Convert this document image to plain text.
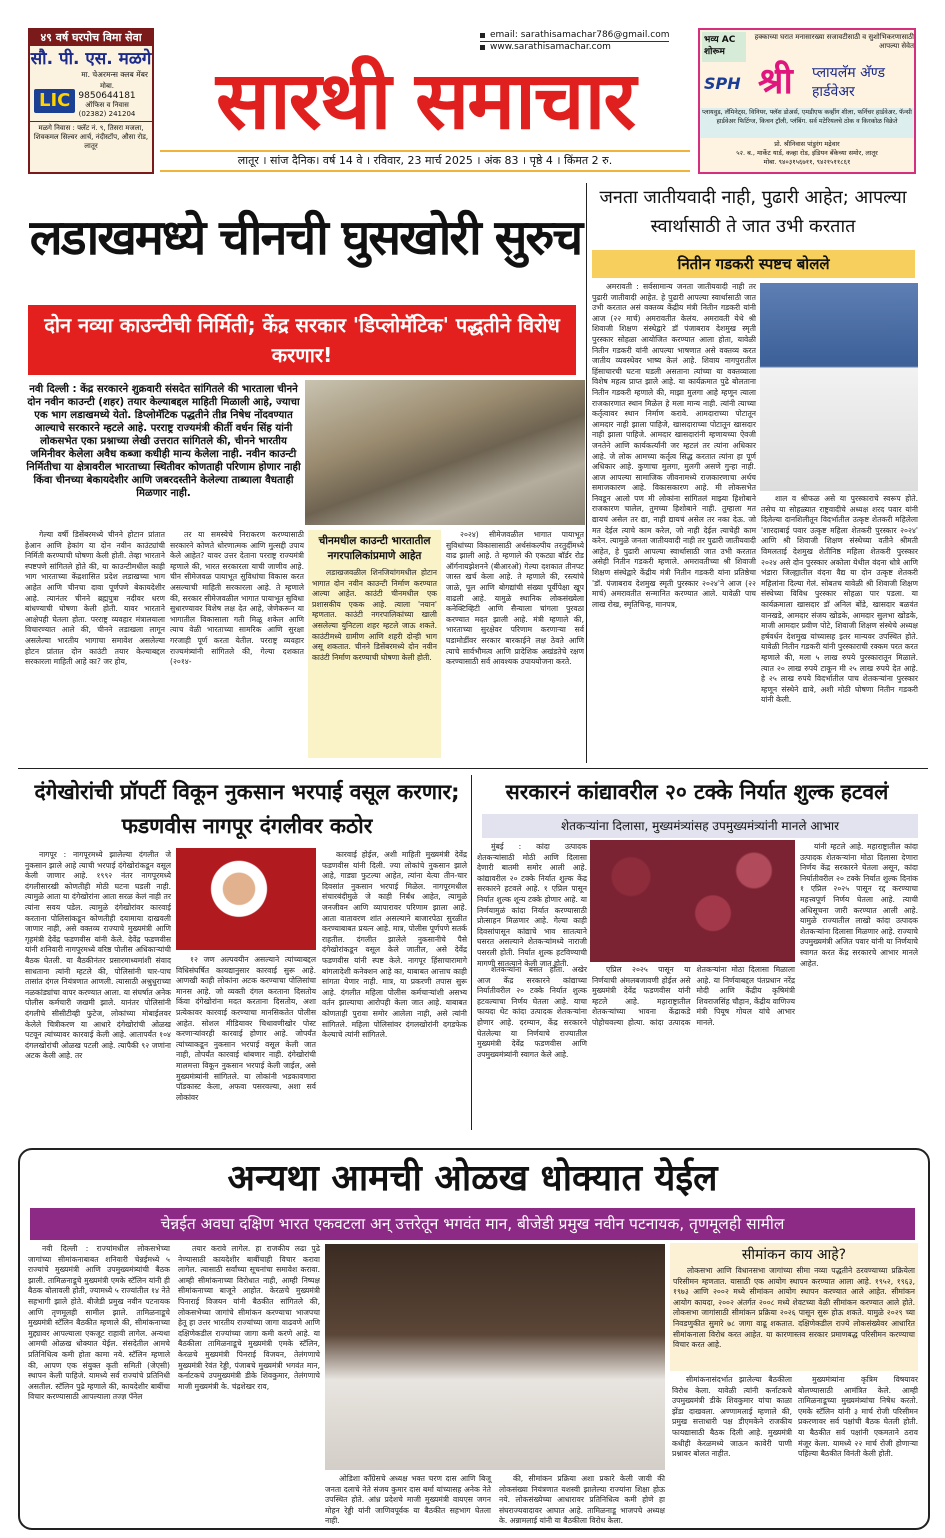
४९ वर्ष घरपोच विमा सेवा
सौ. पी. एस. मळगे
मा. चेअरमन्स क्लब मेंबर
LIC
मोबा.
9850644181
ऑफिस व निवास
(02382) 241204
मळगे निवास : फ्लॅट नं. ९, तिसरा मजला, शिवकमल सिल्वर आर्च, नंदीस्टॉप, औसा रोड, लातूर
email: sarathisamachar786@gmail.com
www.sarathisamachar.com
सारथी समाचार
लातूर । सांज दैनिक। वर्ष 14 वे । रविवार, 23 मार्च 2025 । अंक 83 । पृष्ठे 4 । किंमत 2 रु.
भव्य AC शोरूम
हक्काच्या घरात मनासारख्या सजावटीसाठी व सुशोभिकरणासाठी आपल्या सेवेत
SPH श्री प्लायलॅम अ‍ॅण्ड हार्डवेअर
प्लायवुड, लॅमिनेट्स, विनियर, फ्लॅश डोअर्स, एमडीएफ कव्हींग शीला, फर्निचर हार्डवेअर, फॅन्सी हार्डवेअर फिटिंग्ज, किचन ट्रॉली, प्लंबिंग. सर्व मटेरियलचे ठोक व किरकोळ विक्रेते
प्रो. श्रीनिवास पांडुरंग मद्रेवार
५२. ब., मार्केट यार्ड, कव्हा रोड, इंडियन बँकेच्या समोर, लातूर
मोबा. ९४०३१५६७११, ९४२१५११८६१
लडाखमध्ये चीनची घुसखोरी सुरुच
दोन नव्या काउन्टीची निर्मिती; केंद्र सरकार 'डिप्लोमॅटिक' पद्धतीने विरोध करणार!
नवी दिल्ली : केंद्र सरकारने शुक्रवारी संसदेत सांगितले की भारताला चीनने दोन नवीन काउन्टी (शहर) तयार केल्याबद्दल माहिती मिळाली आहे, ज्याचा एक भाग लडाखमध्ये येतो. डिप्लोमॅटिक पद्धतीने तीव्र निषेध नोंदवण्यात आल्याचे सरकारने म्हटले आहे. परराष्ट्र राज्यमंत्री कीर्ती वर्धन सिंह यांनी लोकसभेत एका प्रश्नाच्या लेखी उत्तरात सांगितले की, चीनने भारतीय जमिनीवर केलेला अवैध कब्जा कधीही मान्य केलेला नाही. नवीन काउन्टी निर्मितीचा या क्षेत्रावरील भारताच्या स्थितीवर कोणताही परिणाम होणार नाही किंवा चीनच्या बेकायदेशीर आणि जबरदस्तीने केलेल्या ताब्याला वैधताही मिळणार नाही.

गेल्या वर्षी डिसेंबरमध्ये चीनने होटान प्रांतात हेआन आणि हेकांग या दोन नवीन काउंट्यांची निर्मिती करण्याची घोषणा केली होती. तेव्हा भारताने स्पष्टपणे सांगितले होते की, या काउन्टीमधील काही भाग भारताच्या केंद्रशासित प्रदेश लडाखच्या भाग आहेत आणि चीनचा दावा पूर्णपणे बेकायदेशीर आहे. त्यानंतर चीनने ब्रह्मपुत्रा नदीवर धरण बांधण्याची घोषणा केली होती. यावर भारताने आक्षेपही घेतला होता. परराष्ट्र व्यवहार मंत्रालयाला विचारण्यात आले की, चीनने लडाखला लागून असलेल्या भारतीय भागाचा समावेश असलेल्या होटन प्रांतात दोन काउंटी तयार केल्याबद्दल सरकारला माहिती आहे का? जर होय,

तर या समस्येचे निराकरण करण्यासाठी सरकारने कोणते धोरणात्मक आणि मुत्सद्दी उपाय केले आहेत? यावर उत्तर देताना परराष्ट्र राज्यमंत्री म्हणाले की, भारत सरकारला याची जाणीव आहे. चीन सीमेजवळ पायाभूत सुविधांचा विकास करत असल्याची माहिती सरकारला आहे. ते म्हणाले की, सरकार सीमेजवळील भागात पायाभूत सुविधा सुधारण्यावर विशेष लक्ष देत आहे, जेणेकरून या भागातील विकासाला गती मिळू शकेल आणि त्याच वेळी भारताच्या सामरिक आणि सुरक्षा गरजाही पूर्ण करता येतील. परराष्ट्र व्यवहार राज्यमंत्र्यांनी सांगितले की, गेल्या दशकात (२०१४-

चीनमधील काउन्टी भारतातील नगरपालिकांप्रमाणे आहेत

लडाखजवळील शिनजियांगमधील होटान भागात दोन नवीन काउन्टी निर्माण करण्यात आल्या आहेत. काउंटी चीनमधील एक प्रशासकीय एकक आहे. त्याला 'नयान' म्हणतात. काउंटी नगरपालिकांच्या खाली असलेल्या युनिटला शहर म्हटले जाऊ शकते. काउंटीमध्ये ग्रामीण आणि शहरी दोन्ही भाग असू शकतात. चीनने डिसेंबरमध्ये दोन नवीन काउंटी निर्माण करण्याची घोषणा केली होती.

२०२४) सीमेजवळील भागात पायाभूत सुविधांच्या विकासासाठी अर्थसंकल्पीय तरतुदींमध्ये वाढ झाली आहे. ते म्हणाले की एकट्या बॉर्डर रोड ऑर्गनायझेशनने (बीआरओ) गेल्या दशकात तीनपट जास्त खर्च केला आहे. ते म्हणाले की, रस्त्यांचे जाळे, पूल आणि बोगद्यांची संख्या पूर्वीपेक्षा खूप वाढली आहे. यामुळे स्थानिक लोकसंख्येला कनेक्टिव्हिटी आणि सैन्याला चांगला पुरवठा करण्यात मदत झाली आहे. मंत्री म्हणाले की, भारताच्या सुरक्षेवर परिणाम करणाऱ्या सर्व घडामोडींवर सरकार बारकाईने लक्ष ठेवते आणि त्याचे सार्वभौमत्व आणि प्रादेशिक अखंडतेचे रक्षण करण्यासाठी सर्व आवश्यक उपाययोजना करते.

जनता जातीयवादी नाही, पुढारी आहेत; आपल्या स्वार्थासाठी ते जात उभी करतात
नितीन गडकरी स्पष्टच बोलले

अमरावती : सर्वसामान्य जनता जातीयवादी नाही तर पुढारी जातीवादी आहेत. हे पुढारी आपल्या स्वार्थासाठी जात उभी करतात असं वक्तव्य केंद्रीय मंत्री नितीन गडकरी यांनी आज (२२ मार्च) अमरावतीत केलंय. अमरावती येथे श्री शिवाजी शिक्षण संस्थेद्वारे डॉ पंजाबराव देशमुख स्मृती पुरस्कार सोहळा आयोजित करण्यात आला होता, यावेळी नितीन गडकरी यांनी आपल्या भाषणात असे वक्तव्य करत जातीय व्यवस्थेवर भाष्य केलं आहे. शिवाय नागपुरातील हिंसाचारची घटना घडली असताना त्यांच्या या वक्तव्याला विशेष महत्व प्राप्त झाले आहे. या कार्यक्रमात पुढे बोलताना नितीन गडकरी म्हणाले की, माझा मुलगा आहे म्हणून त्याला राजकारणात स्थान मिळेल हे मला मान्य नाही. त्यांनी त्याच्या कर्तृत्वावर स्थान निर्माण करावे. आमदाराच्या पोटातून आमदार नाही झाला पाहिजे, खासदाराच्या पोटातून खासदार नाही झाला पाहिजे. आमदार खासदारांनी म्हणायच्या ऐवजी जनतेने आणि कार्यकर्त्यांनी जर म्हटलं तर त्यांना अधिकार आहे. जे लोक आमच्या कर्तृत्व सिद्ध करतात त्यांना हा पूर्ण अधिकार आहे. कुणाचा मुलगा, मुलगी असणे गुन्हा नाही. आज आपल्या सामाजिक जीवनामध्ये राजकारणाचा अर्थच समाजकारण आहे. विकासकारण आहे. मी लोकसभेत निवडून आलो पण मी लोकांना सांगितलं माझ्या हिशोबाने राजकारण चालेल, तुमच्या हिशोबाने नाही. तुम्हाला मत द्यायचं असेल तर द्या, नाही द्यायचं असेल तर नका देऊ. जो मत देईल त्याचे काम करेल, जो नाही देईल त्याचेही काम करेन. त्यामुळे जनता जातीयवादी नाही तर पुढारी जातीयवादी आहेत, हे पुढारी आपल्या स्वार्थासाठी जात उभी करतात असेही नितीन गडकरी म्हणाले. अमरावतीच्या श्री शिवाजी शिक्षण संस्थेद्वारे केंद्रीय मंत्री नितीन गडकरी यांना प्रतिष्ठेचा 'डॉ. पंजाबराव देशमुख स्मृती पुरस्कार २०२४'ने आज (२२ मार्च) अमरावतीत सन्मानित करण्यात आले. यावेळी पाच लाख रोख, स्मृतिचिन्ह, मानपत्र,

शाल व श्रीफळ असे या पुरस्काराचे स्वरूप होते. तसेच या सोहळ्यात राष्ट्रवादीचे अध्यक्ष शरद पवार यांनी दिलेल्या दानशिलीतून विदर्भातील उत्कृष्ट शेतकरी महिलेला 'शारदाबाई पवार उत्कृष्ट महिला शेतकरी पुरस्कार २०२४' आणि श्री शिवाजी शिक्षण संस्थेच्या वतीने श्रीमती विमलताई देशमुख शेतीनिष्ठ महिला शेतकरी पुरस्कार २०२४ असे दोन पुरस्कार अकोला येथील वंदना धोत्रे आणि भंडारा जिल्ह्यातील वंदना वैद्य या दोन उत्कृष्ट शेतकरी महिलांना दिल्या गेलं. सोबतच यावेळी श्री शिवाजी शिक्षण संस्थेच्या विविध पुरस्कार सोहळा पार पडला. या कार्यक्रमाला खासदार डॉ अनिल बोंडे, खासदार बळवंत वानखडे, आमदार संजय खोडके, आमदार सुलभा खोडके, माजी आमदार प्रवीण पोटे, शिवाजी शिक्षण संस्थेचे अध्यक्ष हर्षवर्धन देशमुख यांच्यासह इतर मान्यवर उपस्थित होते. यावेळी नितीन गडकरी यांनी पुरस्काराची रक्कम परत करत म्हणाले की, मला ५ लाख रुपये पुरस्कारातून मिळाले. त्यात २० लाख रुपये टाकून मी २५ लाख रुपये देत आहे. हे २५ लाख रुपये विदर्भातील पाच शेतकऱ्यांना पुरस्कार म्हणून संस्थेने द्यावे, अशी मोठी घोषणा नितीन गडकरी यांनी केली.

दंगेखोरांची प्रॉपर्टी विकून नुकसान भरपाई वसूल करणार; फडणवीस नागपूर दंगलीवर कठोर

नागपूर : नागपूरमध्ये झालेल्या दंगलीत जे नुकसान झाले आहे त्याची भरपाई दंगेखोरांकडून वसूल केली जाणार आहे. १९९२ नंतर नागपूरमध्ये दंगलीसारखी कोणतीही मोठी घटना घडली नाही. त्यामुळे आता या दंगेखोरांना आता सरळ केलं नाही तर त्यांना सवय पडेल. त्यामुळे दंगेखोरांवर कारवाई करताना पोलिसांकडून कोणतीही दयामाया दाखवली जाणार नाही, असे वक्तव्य राज्याचे मुख्यमंत्री आणि गृहमंत्री देवेंद्र फडणवीस यांनी केले. देवेंद्र फडणवीस यांनी शनिवारी नागपूरमध्ये वरिष्ठ पोलीस अधिकाऱ्यांची बैठक घेतली. या बैठकीनंतर प्रसारमाध्यमांशी संवाद साधताना त्यांनी म्हटले की, पोलिसांनी चार-पाच तासांत दंगल नियंत्रणात आणली. त्यासाठी अश्रुधुराच्या नळकांड्यांचा वापर करण्यात आला. या संघर्षात अनेक पोलीस कर्मचारी जखमी झाले. यानंतर पोलिसांनी दंगलीचे सीसीटीव्ही फुटेज, लोकांच्या मोबाईलवर केलेले चित्रीकरण या आधारे दंगेखोरांची ओळख पटवून त्यांच्यावर कारवाई केली आहे. आतापर्यंत १०४ दंगलखोरांची ओळख पटली आहे. त्यापैकी ९२ जणांना अटक केली आहे. तर

१२ जण अल्पवयीन असल्याने त्यांच्याबद्दल विधिसंघर्षित कायद्यानुसार कारवाई सुरू आहे. आणखी काही लोकांना अटक करण्याचा पोलिसांचा मानस आहे. जो व्यक्ती दंगल करताना दिसतोय किंवा दंगेखोरांना मदत करताना दिसतोय, अशा प्रत्येकावर कारवाई करण्याचा मानसिकतेत पोलीस आहेत. सोशल मीडियावर चिथावणीखोर पोस्ट करणाऱ्यांवरही कारवाई होणार आहे. जोपर्यंत त्यांच्याकडून नुकसान भरपाई वसूल केली जात नाही, तोपर्यंत कारवाई थांबणार नाही. दंगेखोरांची मालमत्ता विकून नुकसान भरपाई केली जाईल, असे मुख्यमंत्र्यांनी सांगितले. या लोकांनी भडकावणारा पॉडकास्ट केला, अफवा पसरवल्या, अशा सर्व लोकांवर

कारवाई होईल, अशी माहिती मुख्यमंत्री देवेंद्र फडणवीस यांनी दिली. ज्या लोकांचे नुकसान झाले आहे, गाड्या फुटल्या आहेत, त्यांना येत्या तीन-चार दिवसांत नुकसान भरपाई मिळेल. नागपूरमधील संचारबंदीमुळे जे काही निर्बंध आहेत, त्यामुळे जनजीवन आणि व्यापारावर परिणाम झाला आहे. आता वातावरण शांत असल्याने बाजारपेठा सुरळीत करण्याबाबत प्रयत्न आहे. मात्र, पोलीस पूर्णपणे सतर्क राहतील. दंगलीत झालेले नुकसानीचे पैसे दंगेखोरांकडून वसूल केले जातील, असे देवेंद्र फडणवीस यांनी स्पष्ट केले. नागपूर हिंसाचारामागे बांगलादेशी कनेक्शन आहे का, याबाबत आत्ताच काही सांगता येणार नाही. मात्र, या प्रकरणी तपास सुरू आहे. दंगलीत महिला पोलीस कर्मचाऱ्यांशी असभ्य वर्तन झाल्याचा आरोपही केला जात आहे. याबाबत कोणताही पुरावा समोर आलेला नाही, असे त्यांनी सांगितले. महिला पोलिसांवर दंगलखोरांनी दगडफेक केल्याचे त्यांनी सांगितले.

सरकारनं कांद्यावरील २० टक्के निर्यात शुल्क हटवलं
शेतकऱ्यांना दिलासा, मुख्यमंत्र्यांसह उपमुख्यमंत्र्यांनी मानले आभार

मुंबई : कांदा उत्पादक शेतकऱ्यांसाठी मोठी आणि दिलासा देणारी बातमी समोर आली आहे. कांद्यावरील २० टक्के निर्यात शुल्क केंद्र सरकारने हटवले आहे. १ एप्रिल पासून निर्यात शुल्क शून्य टक्के होणार आहे. या निर्णयामुळं कांदा निर्यात करण्यासाठी प्रोत्साहन मिळणार आहे. गेल्या काही दिवसांपासून कांद्याचे भाव सातत्याने घसरत असल्याने शेतकऱ्यांमध्ये नाराजी पसरली होती. निर्यात शुल्क हटविण्याची मागणी सातत्याने केली जात होती.

शेतकऱ्यांना बसत होता. अखेर आज केंद्र सरकारने कांद्याच्या निर्यातीवरील २० टक्के निर्यात शुल्क हटवल्याचा निर्णय घेतला आहे. याचा फायदा थेट कांदा उत्पादक शेतकऱ्यांना होणार आहे. दरम्यान, केंद्र सरकारने घेतलेल्या या निर्णयाचे राज्यातील मुख्यमंत्री देवेंद्र फडणवीस आणि उपमुख्यमंत्र्यांनी स्वागत केले आहे.

एप्रिल २०२५ पासून या निर्णयाची अंमलबजावणी होईल असे मुख्यमंत्री देवेंद्र फडणवीस यांनी म्हटले आहे. महाराष्ट्रातील शेतकऱ्यांच्या भावना केंद्राकडे पोहोचवल्या होत्या. कांदा उत्पादक शेतकऱ्यांना मोठा दिलासा मिळाला आहे. या निर्णयाबद्दल पंतप्रधान नरेंद्र मोदी आणि केंद्रीय कृषिमंत्री शिवराजसिंह चौहान, केंद्रीय वाणिज्य मंत्री पियूष गोयल यांचे आभार मानले.

यांनी म्हटले आहे. महाराष्ट्रातील कांदा उत्पादक शेतकऱ्यांना मोठा दिलासा देणारा निर्णय केंद्र सरकारने घेतला असून, कांदा निर्यातीवरील २० टक्के निर्यात शुल्क दिनांक १ एप्रिल २०२५ पासून रद्द करण्याचा महत्त्वपूर्ण निर्णय घेतला आहे. त्याची अधिसूचना जारी करण्यात आली आहे. यामुळे राज्यातील लाखो कांदा उत्पादक शेतकऱ्यांना दिलासा मिळणार आहे. राज्याचे उपमुख्यमंत्री अजित पवार यांनी या निर्णयाचे स्वागत करत केंद्र सरकारचे आभार मानले आहेत.

अन्यथा आमची ओळख धोक्यात येईल
चेन्नईत अवघा दक्षिण भारत एकवटला अन् उत्तरेतून भगवंत मान, बीजेडी प्रमुख नवीन पटनायक, तृणमूलही सामील

नवी दिल्ली : राज्यांमधील लोकसभेच्या जागांच्या सीमांकनाबाबत शनिवारी चेन्नईमध्ये ५ राज्यांचे मुख्यमंत्री आणि उपमुख्यमंत्र्यांची बैठक झाली. तामिळनाडूचे मुख्यमंत्री एमके स्टॅलिन यांनी ही बैठक बोलावली होती, ज्यामध्ये ५ राज्यांतील १४ नेते सहभागी झाले होते. बीजेडी प्रमुख नवीन पटनायक आणि तृणमूलही सामील झाले. तामिळनाडूचे मुख्यमंत्री स्टॅलिन बैठकीत म्हणाले की, सीमांकनाच्या मुद्द्यावर आपल्याला एकजूट राहावी लागेल. अन्यथा आमची ओळख धोक्यात येईल. संसदेतील आमचे प्रतिनिधित्व कमी होता कामा नये. स्टॅलिन म्हणाले की, आपण एक संयुक्त कृती समिती (जेएसी) स्थापन केली पाहिजे. यामध्ये सर्व राज्यांचे प्रतिनिधी असतील. स्टॅलिन पुढे म्हणाले की, कायदेशीर बाबींचा विचार करण्यासाठी आपल्याला तज्ज्ञ पॅनेल

तयार करावे लागेल. हा राजकीय लढा पुढे नेण्यासाठी कायदेशीर बाबींचाही विचार करावा लागेल. त्यासाठी सर्वांच्या सूचनांचा समावेश करावा. आम्ही सीमांकनाच्या विरोधात नाही, आम्ही निष्पक्ष सीमांकनाच्या बाजूने आहोत. केरळचे मुख्यमंत्री पिनाराई विजयन यांनी बैठकीत सांगितले की, लोकसभेच्या जागांचे सीमांकन करण्याचा भाजपचा हेतू हा उत्तर भारतीय राज्यांच्या जागा वाढवणे आणि दक्षिणेकडील राज्यांच्या जागा कमी करणे आहे. या बैठकीला तामिळनाडूचे मुख्यमंत्री एमके स्टॅलिन, केरळचे मुख्यमंत्री पिनराई विजयन, तेलंगणाचे मुख्यमंत्री रेवंत रेड्डी, पंजाबचे मुख्यमंत्री भगवंत मान, कर्नाटकचे उपमुख्यमंत्री डीके शिवकुमार, तेलंगणाचे माजी मुख्यमंत्री के. चंद्रशेखर राव,

ओडिशा काँग्रेसचे अध्यक्ष भक्त चरण दास आणि बिजू जनता दलाचे नेते संजय कुमार दास बर्मा यांच्यासह अनेक नेते उपस्थित होते. आंध्र प्रदेशचे माजी मुख्यमंत्री वायएस जगन मोहन रेड्डी यांनी जाणिवपूर्वक या बैठकीत सहभाग घेतला नाही.

की, सीमांकन प्रक्रिया अशा प्रकारे केली जावी की लोकसंख्या नियंत्रणात यशस्वी झालेल्या राज्यांना शिक्षा होऊ नये. लोकसंख्येच्या आधारावर प्रतिनिधित्व कमी होणे हा संघराज्यवादावर आघात आहे. तामिळनाडू भाजपचे अध्यक्ष के. अन्नामलाई यांनी या बैठकीला विरोध केला.

सीमांकन काय आहे?

लोकसभा आणि विधानसभा जागांच्या सीमा नव्या पद्धतीने ठरवण्याच्या प्रक्रियेला परिसीमन म्हणतात. यासाठी एक आयोग स्थापन करण्यात आला आहे. १९५२, १९६३, १९७३ आणि २००२ मध्ये सीमांकन आयोग स्थापन करण्यात आले आहेत. सीमांकन आयोग कायदा, २००२ अंतर्गत २००८ मध्ये शेवटच्या वेळी सीमांकन करण्यात आले होते. लोकसभा जागांसाठी सीमांकन प्रक्रिया २०२६ पासून सुरू होऊ शकते. यामुळे २०२९ च्या निवडणुकीत सुमारे ७८ जागा वाढू शकतात. दक्षिणेकडील राज्ये लोकसंख्येवर आधारित सीमांकनाला विरोध करत आहेत. या कारणास्तव सरकार प्रमाणबद्ध परिसीमन करण्याचा विचार करत आहे.

सीमांकनासंदर्भात झालेल्या बैठकीला विरोध केला. यावेळी त्यांनी कर्नाटकचे उपमुख्यमंत्री डीके शिवकुमार यांचा काळा झेंडा दाखवला. अण्णामलाई म्हणाले की, प्रमुख सत्ताधारी पक्ष डीएमकेने राजकीय फायद्यासाठी बैठक दिली आहे. मुख्यमंत्री कधीही केरळमध्ये जाऊन कावेरी पाणी प्रश्नावर बोलत नाहीत.

मुख्यमंत्र्यांना कृत्रिम विषयावर बोलण्यासाठी आमंत्रित केले. आम्ही तामिळनाडूच्या मुख्यमंत्र्यांचा निषेध करतो. एमके स्टॅलिन यांनी ३ मार्च रोजी परिसीमन प्रकरणावर सर्व पक्षांची बैठक घेतली होती. या बैठकीत सर्व पक्षांनी एकमताने ठराव मंजूर केला. यामध्ये २२ मार्च रोजी होणाऱ्या पहिल्या बैठकीत विनंती केली होती.
